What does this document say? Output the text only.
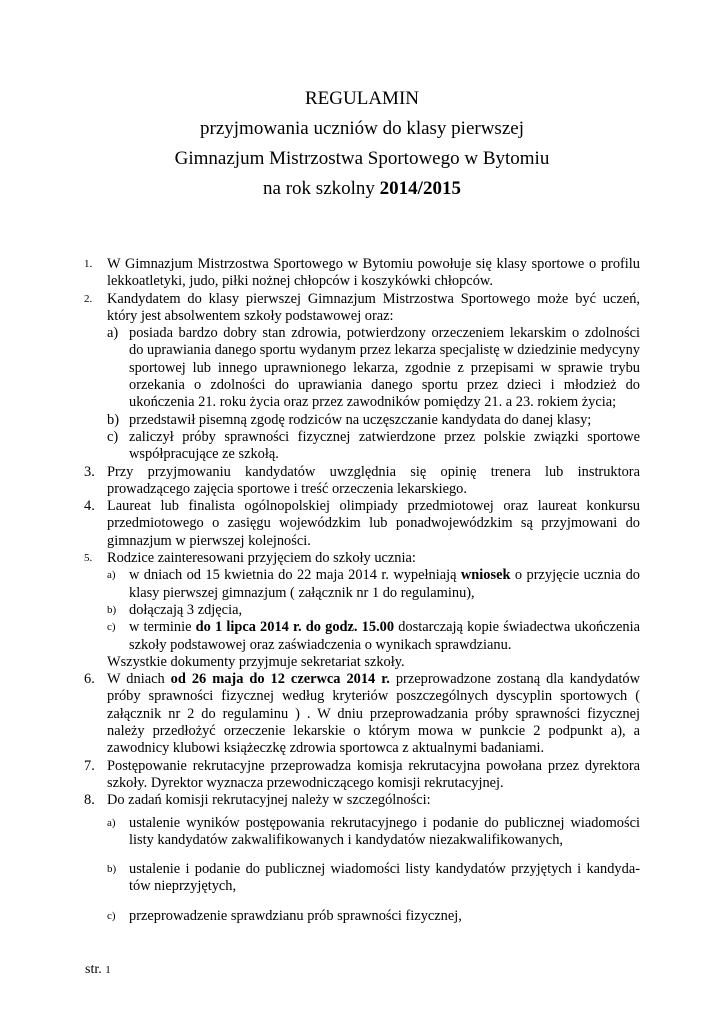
REGULAMIN
przyjmowania uczniów do klasy pierwszej
Gimnazjum Mistrzostwa Sportowego w Bytomiu
na rok szkolny 2014/2015
1. W Gimnazjum Mistrzostwa Sportowego w Bytomiu powołuje się klasy sportowe o profilu lekkoatletyki, judo, piłki nożnej chłopców i koszykówki chłopców.
2. Kandydatem do klasy pierwszej Gimnazjum Mistrzostwa Sportowego może być uczeń, który jest absolwentem szkoły podstawowej oraz:
a) posiada bardzo dobry stan zdrowia, potwierdzony orzeczeniem lekarskim o zdolności do uprawiania danego sportu wydanym przez lekarza specjalistę w dziedzinie medycyny sportowej lub innego uprawnionego lekarza, zgodnie z przepisami w sprawie trybu orzekania o zdolności do uprawiania danego sportu przez dzieci i młodzież do ukończenia 21. roku życia oraz przez zawodników pomiędzy 21. a 23. rokiem życia;
b) przedstawił pisemną zgodę rodziców na uczęszczanie kandydata do danej klasy;
c) zaliczył próby sprawności fizycznej zatwierdzone przez polskie związki sportowe współpracujące ze szkołą.
3. Przy przyjmowaniu kandydatów uwzględnia się opinię trenera lub instruktora prowadzącego zajęcia sportowe i treść orzeczenia lekarskiego.
4. Laureat lub finalista ogólnopolskiej olimpiady przedmiotowej oraz laureat konkursu przedmiotowego o zasięgu wojewódzkim lub ponadwojewódzkim są przyjmowani do gimnazjum w pierwszej kolejności.
5. Rodzice zainteresowani przyjęciem do szkoły ucznia:
a) w dniach od 15 kwietnia do 22 maja 2014 r. wypełniają wniosek o przyjęcie ucznia do klasy pierwszej gimnazjum ( załącznik nr 1 do regulaminu),
b) dołączają 3 zdjęcia,
c) w terminie do 1 lipca 2014 r. do godz. 15.00 dostarczają kopie świadectwa ukończenia szkoły podstawowej oraz zaświadczenia o wynikach sprawdzianu.
Wszystkie dokumenty przyjmuje sekretariat szkoły.
6. W dniach od 26 maja do 12 czerwca 2014 r. przeprowadzone zostaną dla kandydatów próby sprawności fizycznej według kryteriów poszczególnych dyscyplin sportowych ( załącznik nr 2 do regulaminu ) . W dniu przeprowadzania próby sprawności fizycznej należy przedłożyć orzeczenie lekarskie o którym mowa w punkcie 2 podpunkt a), a zawodnicy klubowi książeczkę zdrowia sportowca z aktualnymi badaniami.
7. Postępowanie rekrutacyjne przeprowadza komisja rekrutacyjna powołana przez dyrektora szkoły. Dyrektor wyznacza przewodniczącego komisji rekrutacyjnej.
8. Do zadań komisji rekrutacyjnej należy w szczególności:
a) ustalenie wyników postępowania rekrutacyjnego i podanie do publicznej wiadomości listy kandydatów zakwalifikowanych i kandydatów niezakwalifikowanych,
b) ustalenie i podanie do publicznej wiadomości listy kandydatów przyjętych i kandyda-tów nieprzyjętych,
c) przeprowadzenie sprawdzianu prób sprawności fizycznej,
str. 1
